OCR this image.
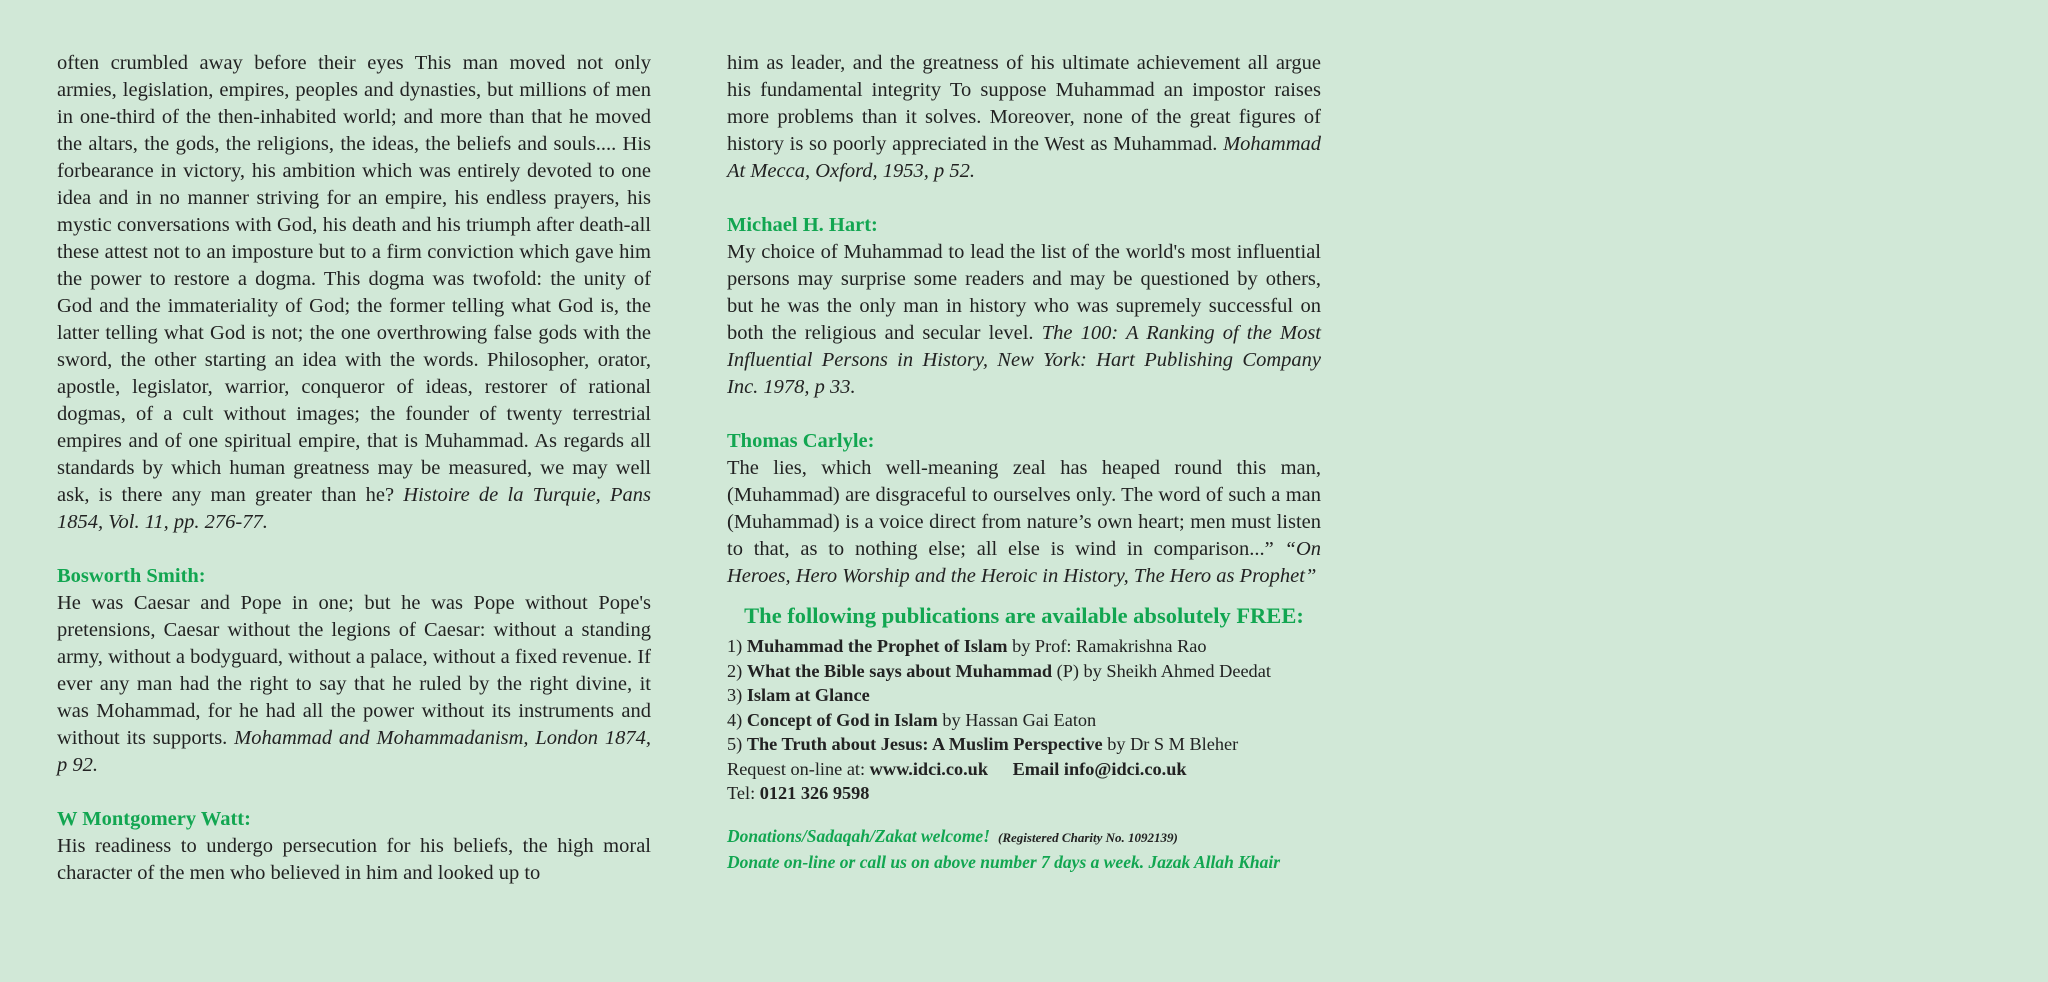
often crumbled away before their eyes This man moved not only armies, legislation, empires, peoples and dynasties, but millions of men in one-third of the then-inhabited world; and more than that he moved the altars, the gods, the religions, the ideas, the beliefs and souls.... His forbearance in victory, his ambition which was entirely devoted to one idea and in no manner striving for an empire, his endless prayers, his mystic conversations with God, his death and his triumph after death-all these attest not to an imposture but to a firm conviction which gave him the power to restore a dogma. This dogma was twofold: the unity of God and the immateriality of God; the former telling what God is, the latter telling what God is not; the one overthrowing false gods with the sword, the other starting an idea with the words. Philosopher, orator, apostle, legislator, warrior, conqueror of ideas, restorer of rational dogmas, of a cult without images; the founder of twenty terrestrial empires and of one spiritual empire, that is Muhammad. As regards all standards by which human greatness may be measured, we may well ask, is there any man greater than he? Histoire de la Turquie, Pans 1854, Vol. 11, pp. 276-77.

Bosworth Smith:

He was Caesar and Pope in one; but he was Pope without Pope's pretensions, Caesar without the legions of Caesar: without a standing army, without a bodyguard, without a palace, without a fixed revenue. If ever any man had the right to say that he ruled by the right divine, it was Mohammad, for he had all the power without its instruments and without its supports. Mohammad and Mohammadanism, London 1874, p 92.

W Montgomery Watt:

His readiness to undergo persecution for his beliefs, the high moral character of the men who believed in him and looked up to

him as leader, and the greatness of his ultimate achievement all argue his fundamental integrity To suppose Muhammad an impostor raises more problems than it solves. Moreover, none of the great figures of history is so poorly appreciated in the West as Muhammad. Mohammad At Mecca, Oxford, 1953, p 52.

Michael H. Hart:

My choice of Muhammad to lead the list of the world's most influential persons may surprise some readers and may be questioned by others, but he was the only man in history who was supremely successful on both the religious and secular level. The 100: A Ranking of the Most Influential Persons in History, New York: Hart Publishing Company Inc. 1978, p 33.

Thomas Carlyle:

The lies, which well-meaning zeal has heaped round this man, (Muhammad) are disgraceful to ourselves only. The word of such a man (Muhammad) is a voice direct from nature’s own heart; men must listen to that, as to nothing else; all else is wind in comparison...” “On Heroes, Hero Worship and the Heroic in History, The Hero as Prophet”

The following publications are available absolutely FREE:
1) Muhammad the Prophet of Islam by Prof: Ramakrishna Rao
2) What the Bible says about Muhammad (P) by Sheikh Ahmed Deedat
3) Islam at Glance
4) Concept of God in Islam by Hassan Gai Eaton
5) The Truth about Jesus: A Muslim Perspective by Dr S M Bleher
Request on-line at: www.idci.co.uk Email info@idci.co.uk
Tel: 0121 326 9598
Donations/Sadaqah/Zakat welcome! (Registered Charity No. 1092139)
Donate on-line or call us on above number 7 days a week. Jazak Allah Khair
